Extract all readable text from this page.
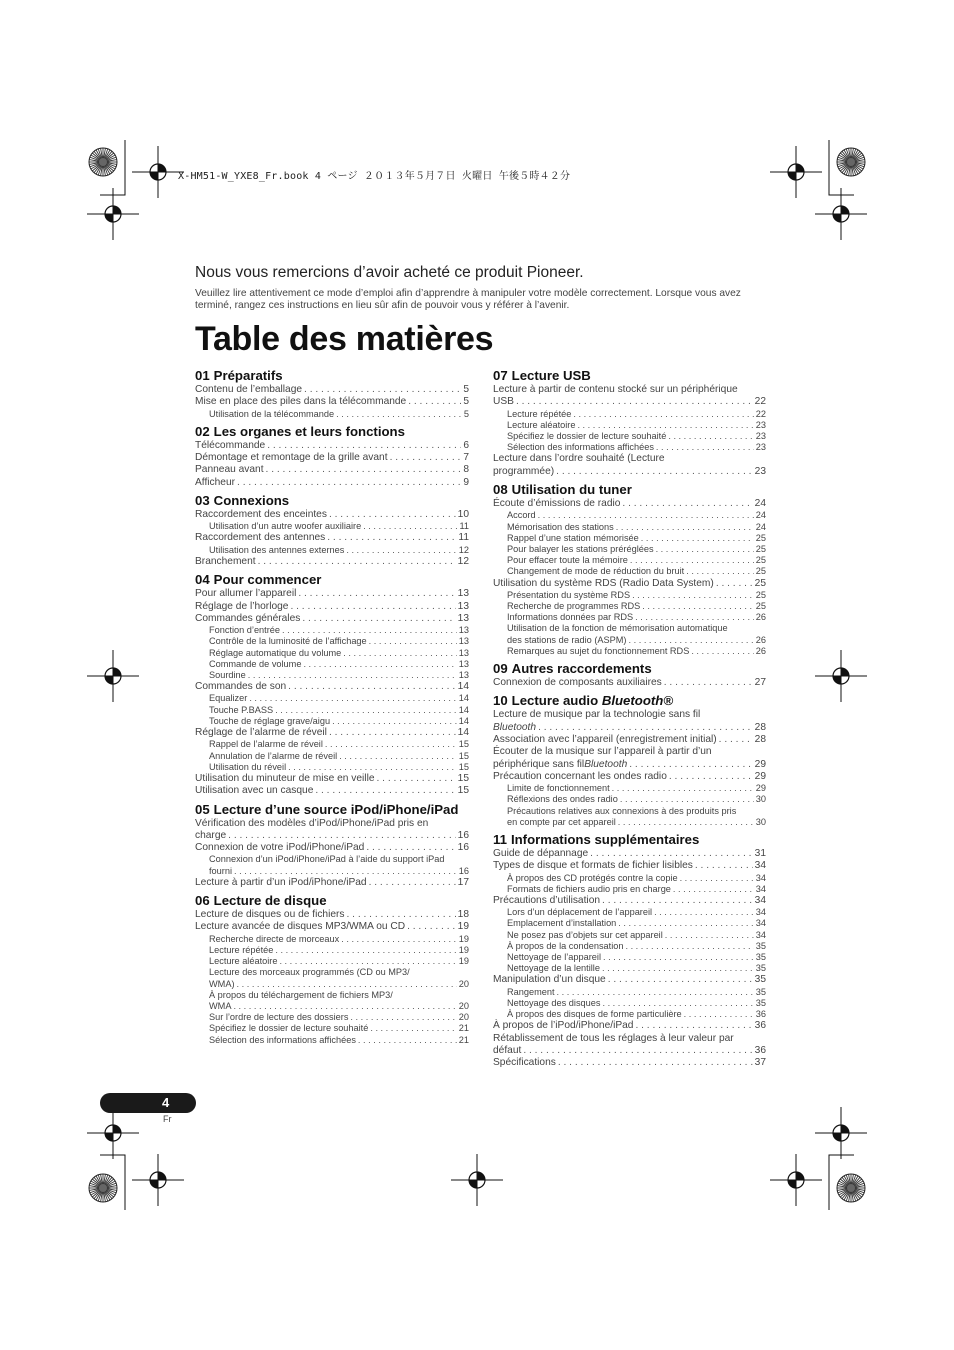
X-HM51-W_YXE8_Fr.book 4 ページ ２０１３年５月７日 火曜日 午後５時４２分
Nous vous remercions d’avoir acheté ce produit Pioneer.
Veuillez lire attentivement ce mode d’emploi afin d’apprendre à manipuler votre modèle correctement. Lorsque vous avez terminé, rangez ces instructions en lieu sûr afin de pouvoir vous y référer à l’avenir.
Table des matières
01 Préparatifs
Contenu de l’emballage . . .	5
Mise en place des piles dans la télécommande . . .	5
Utilisation de la télécommande . . .	5
02 Les organes et leurs fonctions
Télécommande . . .	6
Démontage et remontage de la grille avant . . .	7
Panneau avant . . .	8
Afficheur . . .	9
03 Connexions
Raccordement des enceintes . . .	10
Utilisation d’un autre woofer auxiliaire . . .	11
Raccordement des antennes . . .	11
Utilisation des antennes externes . . .	12
Branchement . . .	12
04 Pour commencer
Pour allumer l’appareil . . .	13
Réglage de l’horloge . . .	13
Commandes générales . . .	13
Fonction d’entrée . . .	13
Contrôle de la luminosité de l’affichage . . .	13
Réglage automatique du volume . . .	13
Commande de volume . . .	13
Sourdine . . .	13
Commandes de son . . .	14
Equalizer . . .	14
Touche P.BASS . . .	14
Touche de réglage grave/aigu . . .	14
Réglage de l’alarme de réveil . . .	14
Rappel de l’alarme de réveil . . .	15
Annulation de l’alarme de réveil . . .	15
Utilisation du réveil . . .	15
Utilisation du minuteur de mise en veille . . .	15
Utilisation avec un casque . . .	15
05 Lecture d’une source iPod/iPhone/iPad
Vérification des modèles d’iPod/iPhone/iPad pris en
charge . . .	16
Connexion de votre iPod/iPhone/iPad . . .	16
Connexion d’un iPod/iPhone/iPad à l’aide du support iPad
fourni . . .	16
Lecture à partir d’un iPod/iPhone/iPad . . .	17
06 Lecture de disque
Lecture de disques ou de fichiers . . .	18
Lecture avancée de disques MP3/WMA ou CD . . .	19
Recherche directe de morceaux . . .	19
Lecture répétée . . .	19
Lecture aléatoire . . .	19
Lecture des morceaux programmés (CD ou MP3/
WMA) . . .	20
À propos du téléchargement de fichiers MP3/
WMA . . .	20
Sur l’ordre de lecture des dossiers . . .	20
Spécifiez le dossier de lecture souhaité . . .	21
Sélection des informations affichées . . .	21
07 Lecture USB
Lecture à partir de contenu stocké sur un périphérique
USB . . .	22
Lecture répétée . . .	22
Lecture aléatoire . . .	23
Spécifiez le dossier de lecture souhaité . . .	23
Sélection des informations affichées . . .	23
Lecture dans l’ordre souhaité (Lecture
programmée) . . .	23
08 Utilisation du tuner
Écoute d’émissions de radio . . .	24
Accord . . .	24
Mémorisation des stations . . .	24
Rappel d’une station mémorisée . . .	25
Pour balayer les stations préréglées . . .	25
Pour effacer toute la mémoire . . .	25
Changement de mode de réduction du bruit . . .	25
Utilisation du système RDS (Radio Data System) . . .	25
Présentation du système RDS . . .	25
Recherche de programmes RDS . . .	25
Informations données par RDS . . .	26
Utilisation de la fonction de mémorisation automatique
des stations de radio (ASPM) . . .	26
Remarques au sujet du fonctionnement RDS . . .	26
09 Autres raccordements
Connexion de composants auxiliaires . . .	27
10 Lecture audio Bluetooth®
Lecture de musique par la technologie sans fil
Bluetooth . . .	28
Association avec l’appareil (enregistrement initial) . . .	28
Écouter de la musique sur l’appareil à partir d’un
périphérique sans fil Bluetooth . . .	29
Précaution concernant les ondes radio . . .	29
Limite de fonctionnement . . .	29
Réflexions des ondes radio . . .	30
Précautions relatives aux connexions à des produits pris
en compte par cet appareil . . .	30
11 Informations supplémentaires
Guide de dépannage . . .	31
Types de disque et formats de fichier lisibles . . .	34
À propos des CD protégés contre la copie . . .	34
Formats de fichiers audio pris en charge . . .	34
Précautions d’utilisation . . .	34
Lors d’un déplacement de l’appareil . . .	34
Emplacement d’installation . . .	34
Ne posez pas d’objets sur cet appareil . . .	34
À propos de la condensation . . .	35
Nettoyage de l’appareil . . .	35
Nettoyage de la lentille . . .	35
Manipulation d’un disque . . .	35
Rangement . . .	35
Nettoyage des disques . . .	35
À propos des disques de forme particulière . . .	36
À propos de l’iPod/iPhone/iPad . . .	36
Rétablissement de tous les réglages à leur valeur par
défaut . . .	36
Spécifications . . .	37
4
Fr
